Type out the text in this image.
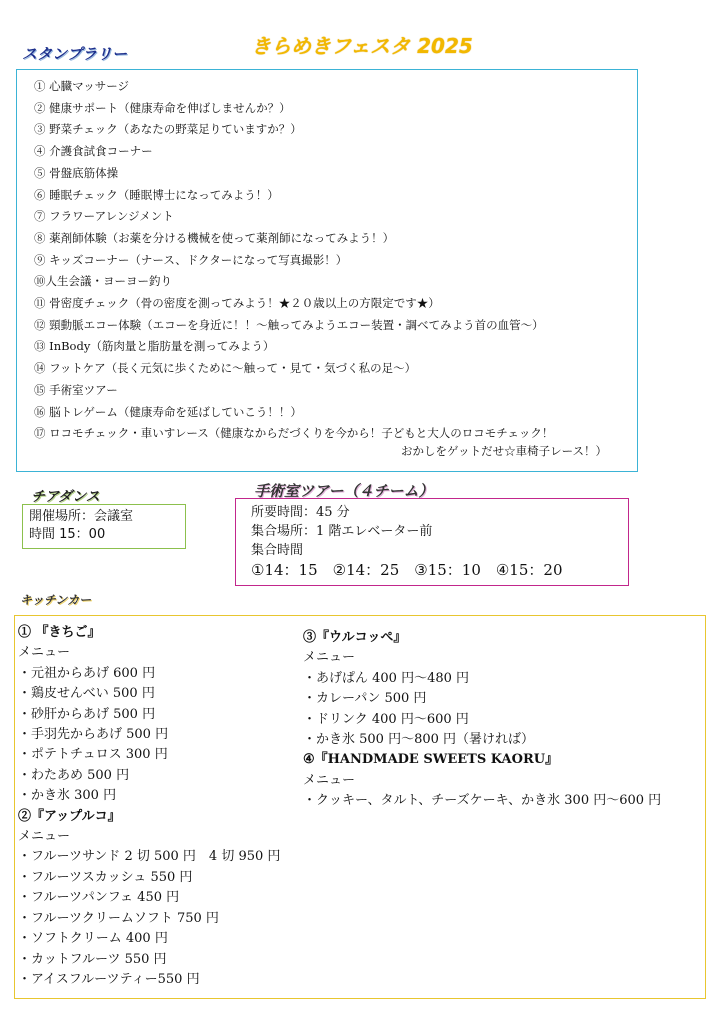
きらめきフェスタ 2025
スタンプラリー
① 心臓マッサージ
② 健康サポート（健康寿命を伸ばしませんか？）
③ 野菜チェック（あなたの野菜足りていますか？）
④ 介護食試食コーナー
⑤ 骨盤底筋体操
⑥ 睡眠チェック（睡眠博士になってみよう！）
⑦ フラワーアレンジメント
⑧ 薬剤師体験（お薬を分ける機械を使って薬剤師になってみよう！）
⑨ キッズコーナー（ナース、ドクターになって写真撮影！）
⑩人生会議・ヨーヨー釣り
⑪ 骨密度チェック（骨の密度を測ってみよう！★２０歳以上の方限定です★）
⑫ 頸動脈エコー体験（エコーを身近に！！～触ってみようエコー装置・調べてみよう首の血管～）
⑬ InBody（筋肉量と脂肪量を測ってみよう）
⑭ フットケア（長く元気に歩くために～触って・見て・気づく私の足～）
⑮ 手術室ツアー
⑯ 脳トレゲーム（健康寿命を延ばしていこう！！）
⑰ ロコモチェック・車いすレース（健康なからだづくりを今から！子どもと大人のロコモチェック！
おかしをゲットだせ☆車椅子レース！）
チアダンス
開催場所：会議室
時間 15：00
手術室ツアー（４チーム）
所要時間：45 分
集合場所：1 階エレベーター前
集合時間
①14：15　②14：25　③15：10　④15：20
キッチンカー
① 『きちご』
メニュー
・元祖からあげ 600 円
・鶏皮せんべい 500 円
・砂肝からあげ 500 円
・手羽先からあげ 500 円
・ポテトチュロス 300 円
・わたあめ 500 円
・かき氷 300 円
②『アップルコ』
メニュー
・フルーツサンド 2 切 500 円　4 切 950 円
・フルーツスカッシュ 550 円
・フルーツパンフェ 450 円
・フルーツクリームソフト 750 円
・ソフトクリーム 400 円
・カットフルーツ 550 円
・アイスフルーツティー550 円
③『ウルコッペ』
メニュー
・あげぱん 400 円～480 円
・カレーパン 500 円
・ドリンク 400 円～600 円
・かき氷 500 円～800 円（暑ければ）
④『HANDMADE SWEETS KAORU』
メニュー
・クッキー、タルト、チーズケーキ、かき氷 300 円～600 円
